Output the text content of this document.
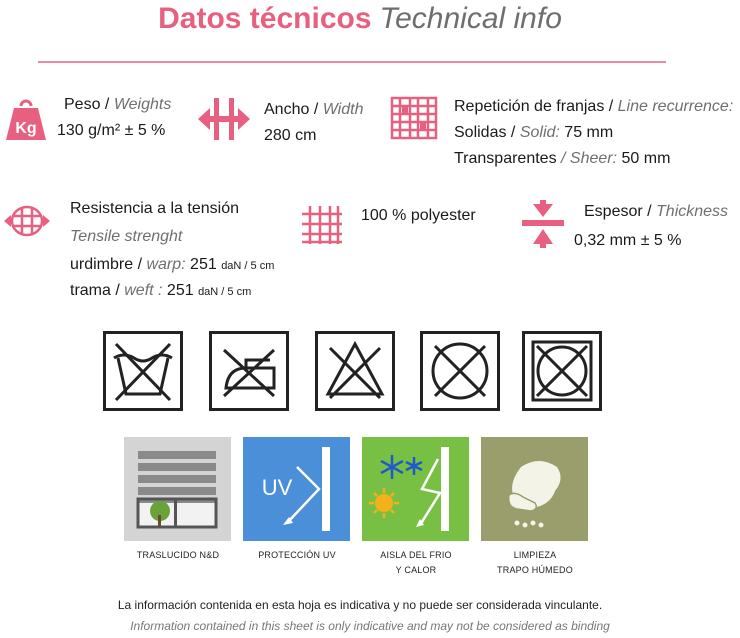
Datos técnicos Technical info
Kg
Peso / Weights
130 g/m² ± 5 %
Ancho / Width
280 cm
Repetición de franjas / Line recurrence:
Solidas / Solid: 75 mm
Transparentes / Sheer: 50 mm
Resistencia a la tensión
Tensile strenght
urdimbre / warp: 251 daN / 5 cm
trama / weft : 251 daN / 5 cm
100 % polyester	Espesor / Thickness
0,32 mm ± 5 %
UV
TRASLUCIDO N&D	PROTECCIÓN UV	AISLA DEL FRIO
Y CALOR
LIMPIEZA
TRAPO HÚMEDO
La información contenida en esta hoja es indicativa y no puede ser considerada vinculante.
Information contained in this sheet is only indicative and may not be considered as binding
